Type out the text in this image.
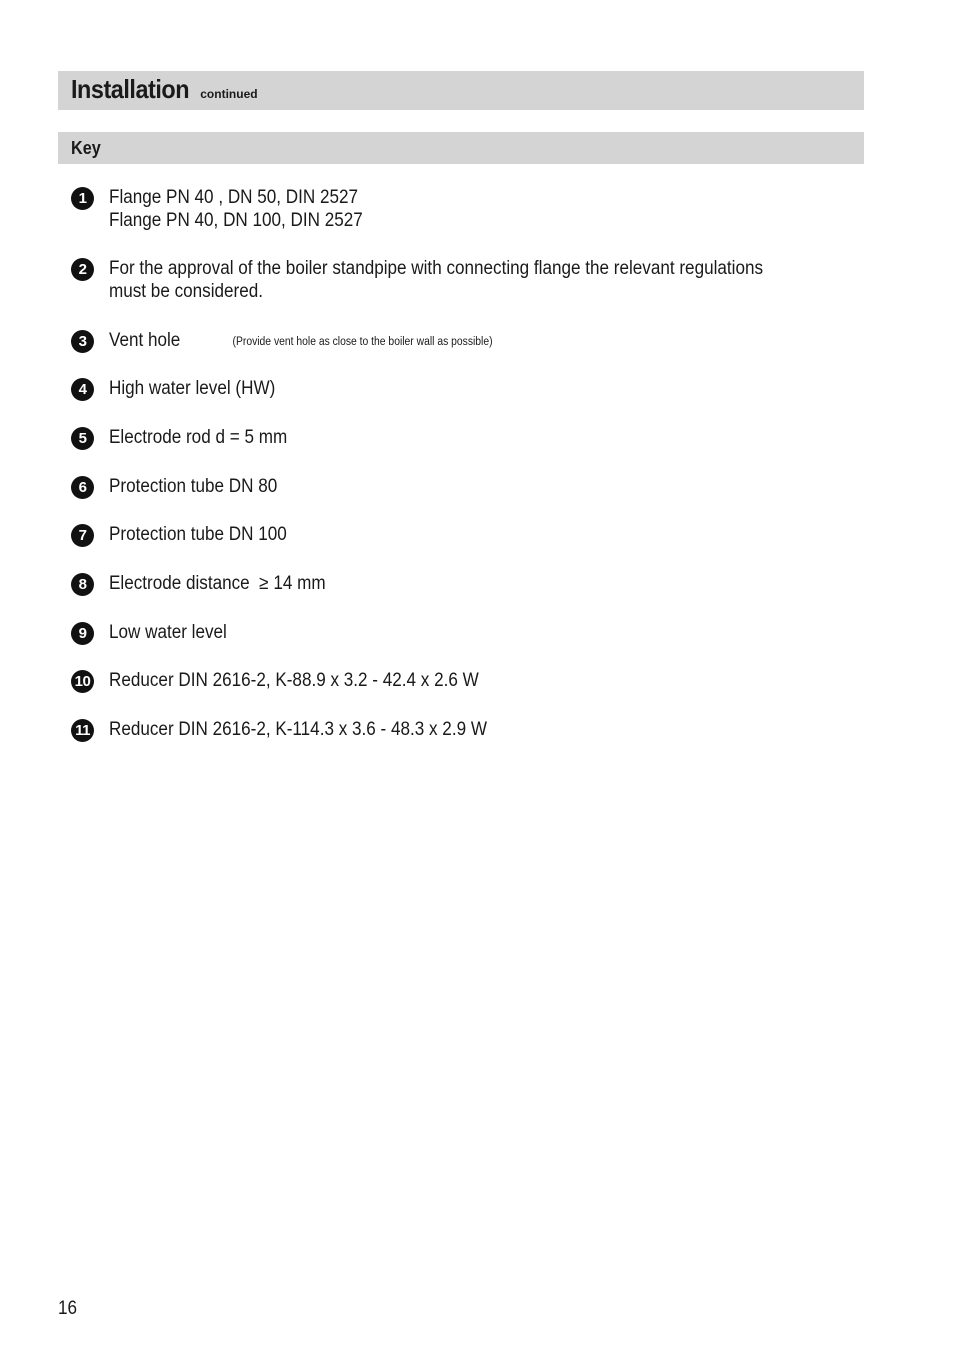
Installation continued
Key
1	Flange PN 40 , DN 50, DIN 2527
Flange PN 40, DN 100, DIN 2527
2	For the approval of the boiler standpipe with connecting flange the relevant regulations
must be considered.
3	Vent hole	(Provide vent hole as close to the boiler wall as possible)
4	High water level (HW)
5	Electrode rod d = 5 mm
6	Protection tube DN 80
7	Protection tube DN 100
8	Electrode distance  ≥ 14 mm
9	Low water level
10 Reducer DIN 2616-2, K-88.9 x 3.2 - 42.4 x 2.6 W
11 Reducer DIN 2616-2, K-114.3 x 3.6 - 48.3 x 2.9 W
16
